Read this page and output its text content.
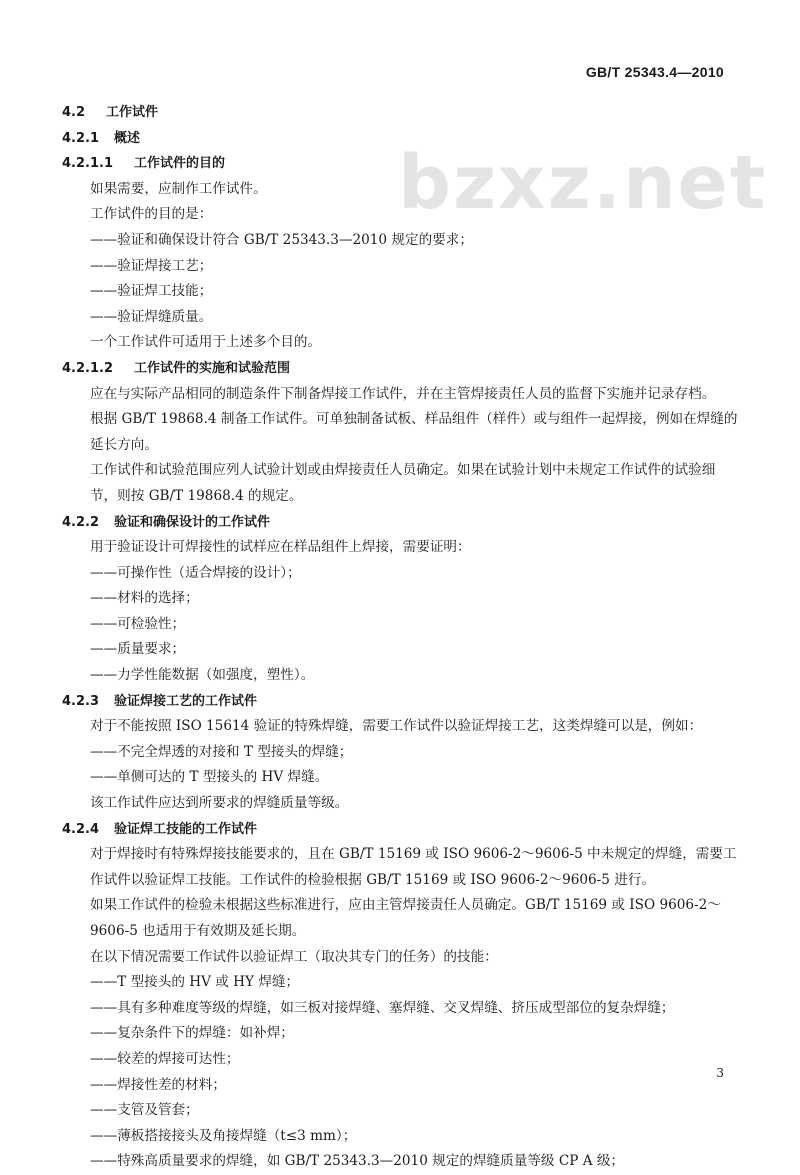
GB/T 25343.4—2010
bzxz.net
4.2 工作试件
4.2.1 概述
4.2.1.1 工作试件的目的
如果需要，应制作工作试件。
工作试件的目的是：
——验证和确保设计符合 GB/T 25343.3—2010 规定的要求；
——验证焊接工艺；
——验证焊工技能；
——验证焊缝质量。
一个工作试件可适用于上述多个目的。
4.2.1.2 工作试件的实施和试验范围
应在与实际产品相同的制造条件下制备焊接工作试件，并在主管焊接责任人员的监督下实施并记录存档。
根据 GB/T 19868.4 制备工作试件。可单独制备试板、样品组件（样件）或与组件一起焊接，例如在焊缝的延长方向。
工作试件和试验范围应列人试验计划或由焊接责任人员确定。如果在试验计划中未规定工作试件的试验细节，则按 GB/T 19868.4 的规定。
4.2.2 验证和确保设计的工作试件
用于验证设计可焊接性的试样应在样品组件上焊接，需要证明：
——可操作性（适合焊接的设计）；
——材料的选择；
——可检验性；
——质量要求；
——力学性能数据（如强度，塑性）。
4.2.3 验证焊接工艺的工作试件
对于不能按照 ISO 15614 验证的特殊焊缝，需要工作试件以验证焊接工艺，这类焊缝可以是，例如：
——不完全焊透的对接和 T 型接头的焊缝；
——单侧可达的 T 型接头的 HV 焊缝。
该工作试件应达到所要求的焊缝质量等级。
4.2.4 验证焊工技能的工作试件
对于焊接时有特殊焊接技能要求的，且在 GB/T 15169 或 ISO 9606-2～9606-5 中未规定的焊缝，需要工作试件以验证焊工技能。工作试件的检验根据 GB/T 15169 或 ISO 9606-2～9606-5 进行。
如果工作试件的检验未根据这些标准进行，应由主管焊接责任人员确定。GB/T 15169 或 ISO 9606-2～9606-5 也适用于有效期及延长期。
在以下情况需要工作试件以验证焊工（取决其专门的任务）的技能：
——T 型接头的 HV 或 HY 焊缝；
——具有多种难度等级的焊缝，如三板对接焊缝、塞焊缝、交叉焊缝、挤压成型部位的复杂焊缝；
——复杂条件下的焊缝：如补焊；
——较差的焊接可达性；
——焊接性差的材料；
——支管及管套；
——薄板搭接接头及角接焊缝（t≤3 mm）；
——特殊高质量要求的焊缝，如 GB/T 25343.3—2010 规定的焊缝质量等级 CP A 级；
3
